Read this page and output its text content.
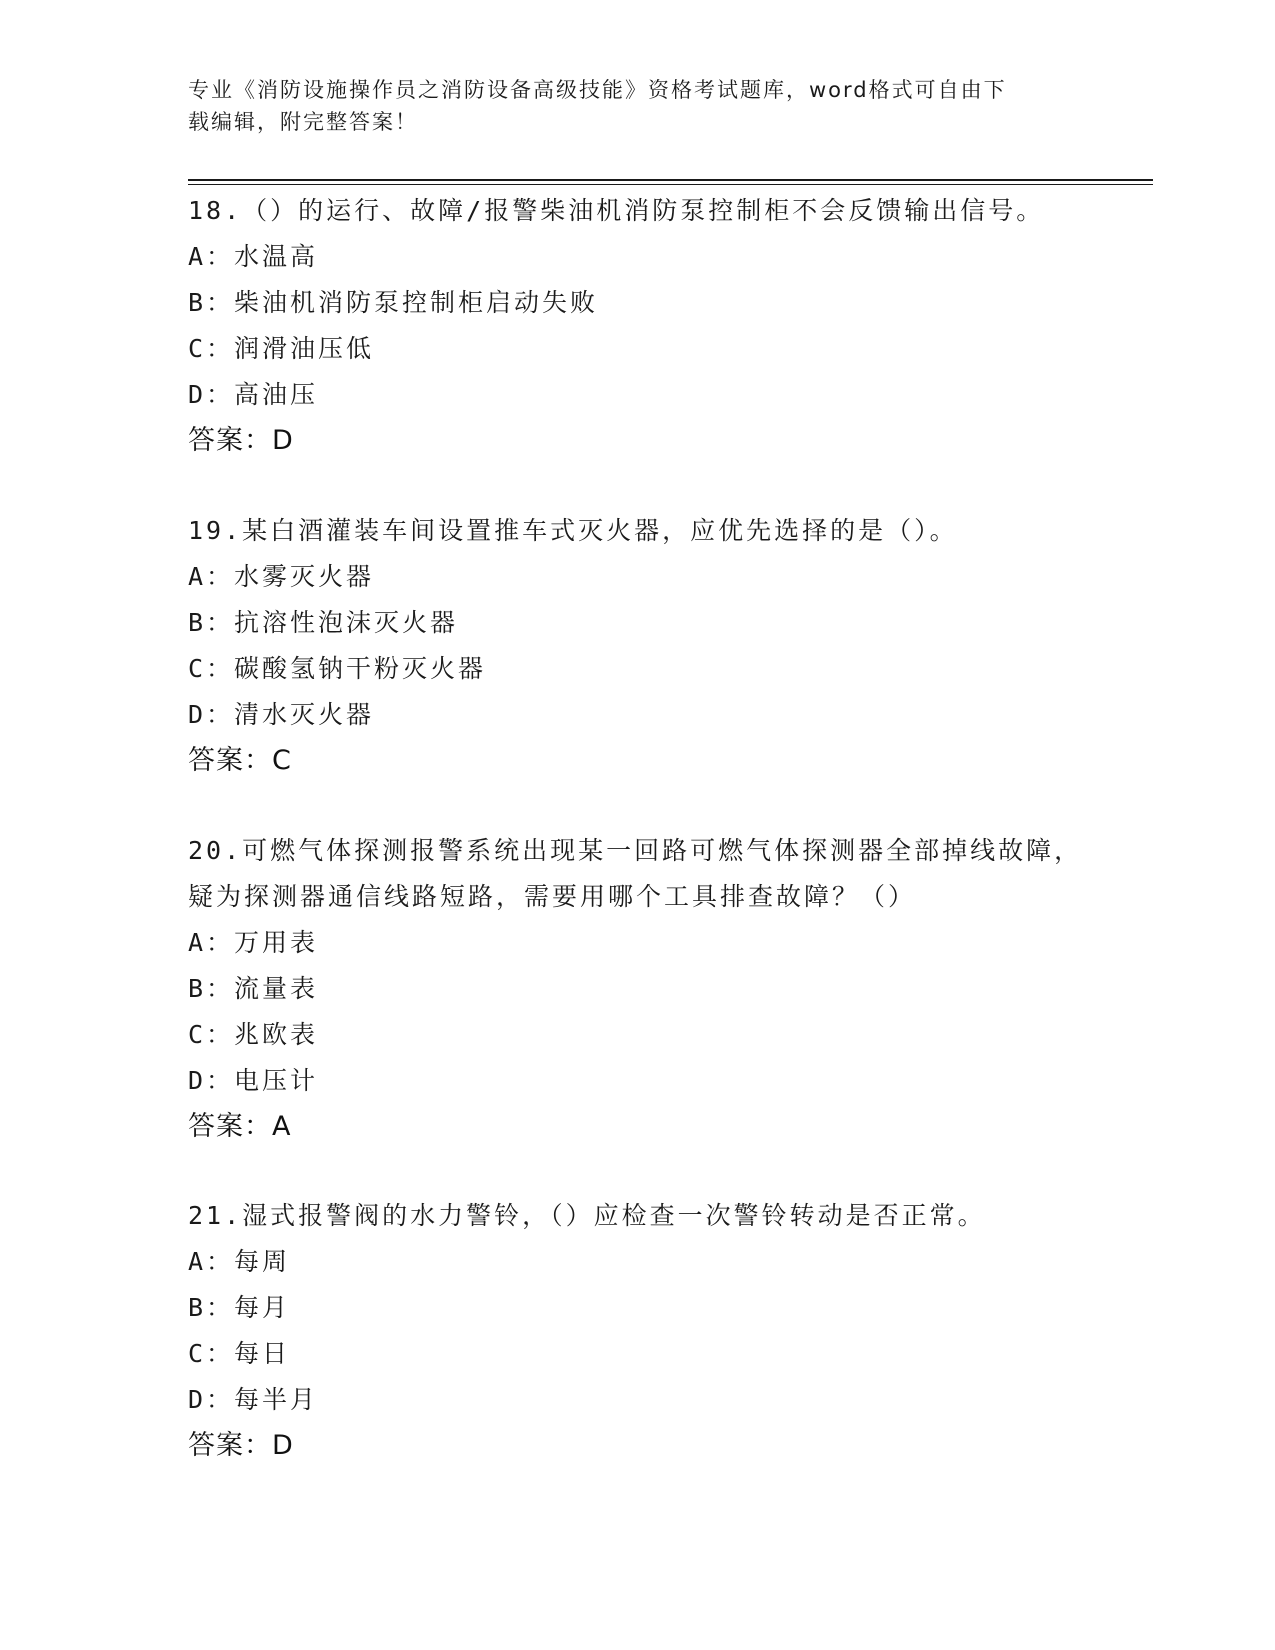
专业《消防设施操作员之消防设备高级技能》资格考试题库，word格式可自由下
载编辑，附完整答案！

18.（）的运行、故障/报警柴油机消防泵控制柜不会反馈输出信号。

A：水温高

B：柴油机消防泵控制柜启动失败

C：润滑油压低

D：高油压

答案：D

19.某白酒灌装车间设置推车式灭火器，应优先选择的是（）。

A：水雾灭火器

B：抗溶性泡沫灭火器

C：碳酸氢钠干粉灭火器

D：清水灭火器

答案：C

20.可燃气体探测报警系统出现某一回路可燃气体探测器全部掉线故障，疑为探测器通信线路短路，需要用哪个工具排查故障？（）

A：万用表

B：流量表

C：兆欧表

D：电压计

答案：A

21.湿式报警阀的水力警铃，（）应检查一次警铃转动是否正常。

A：每周

B：每月

C：每日

D：每半月

答案：D
